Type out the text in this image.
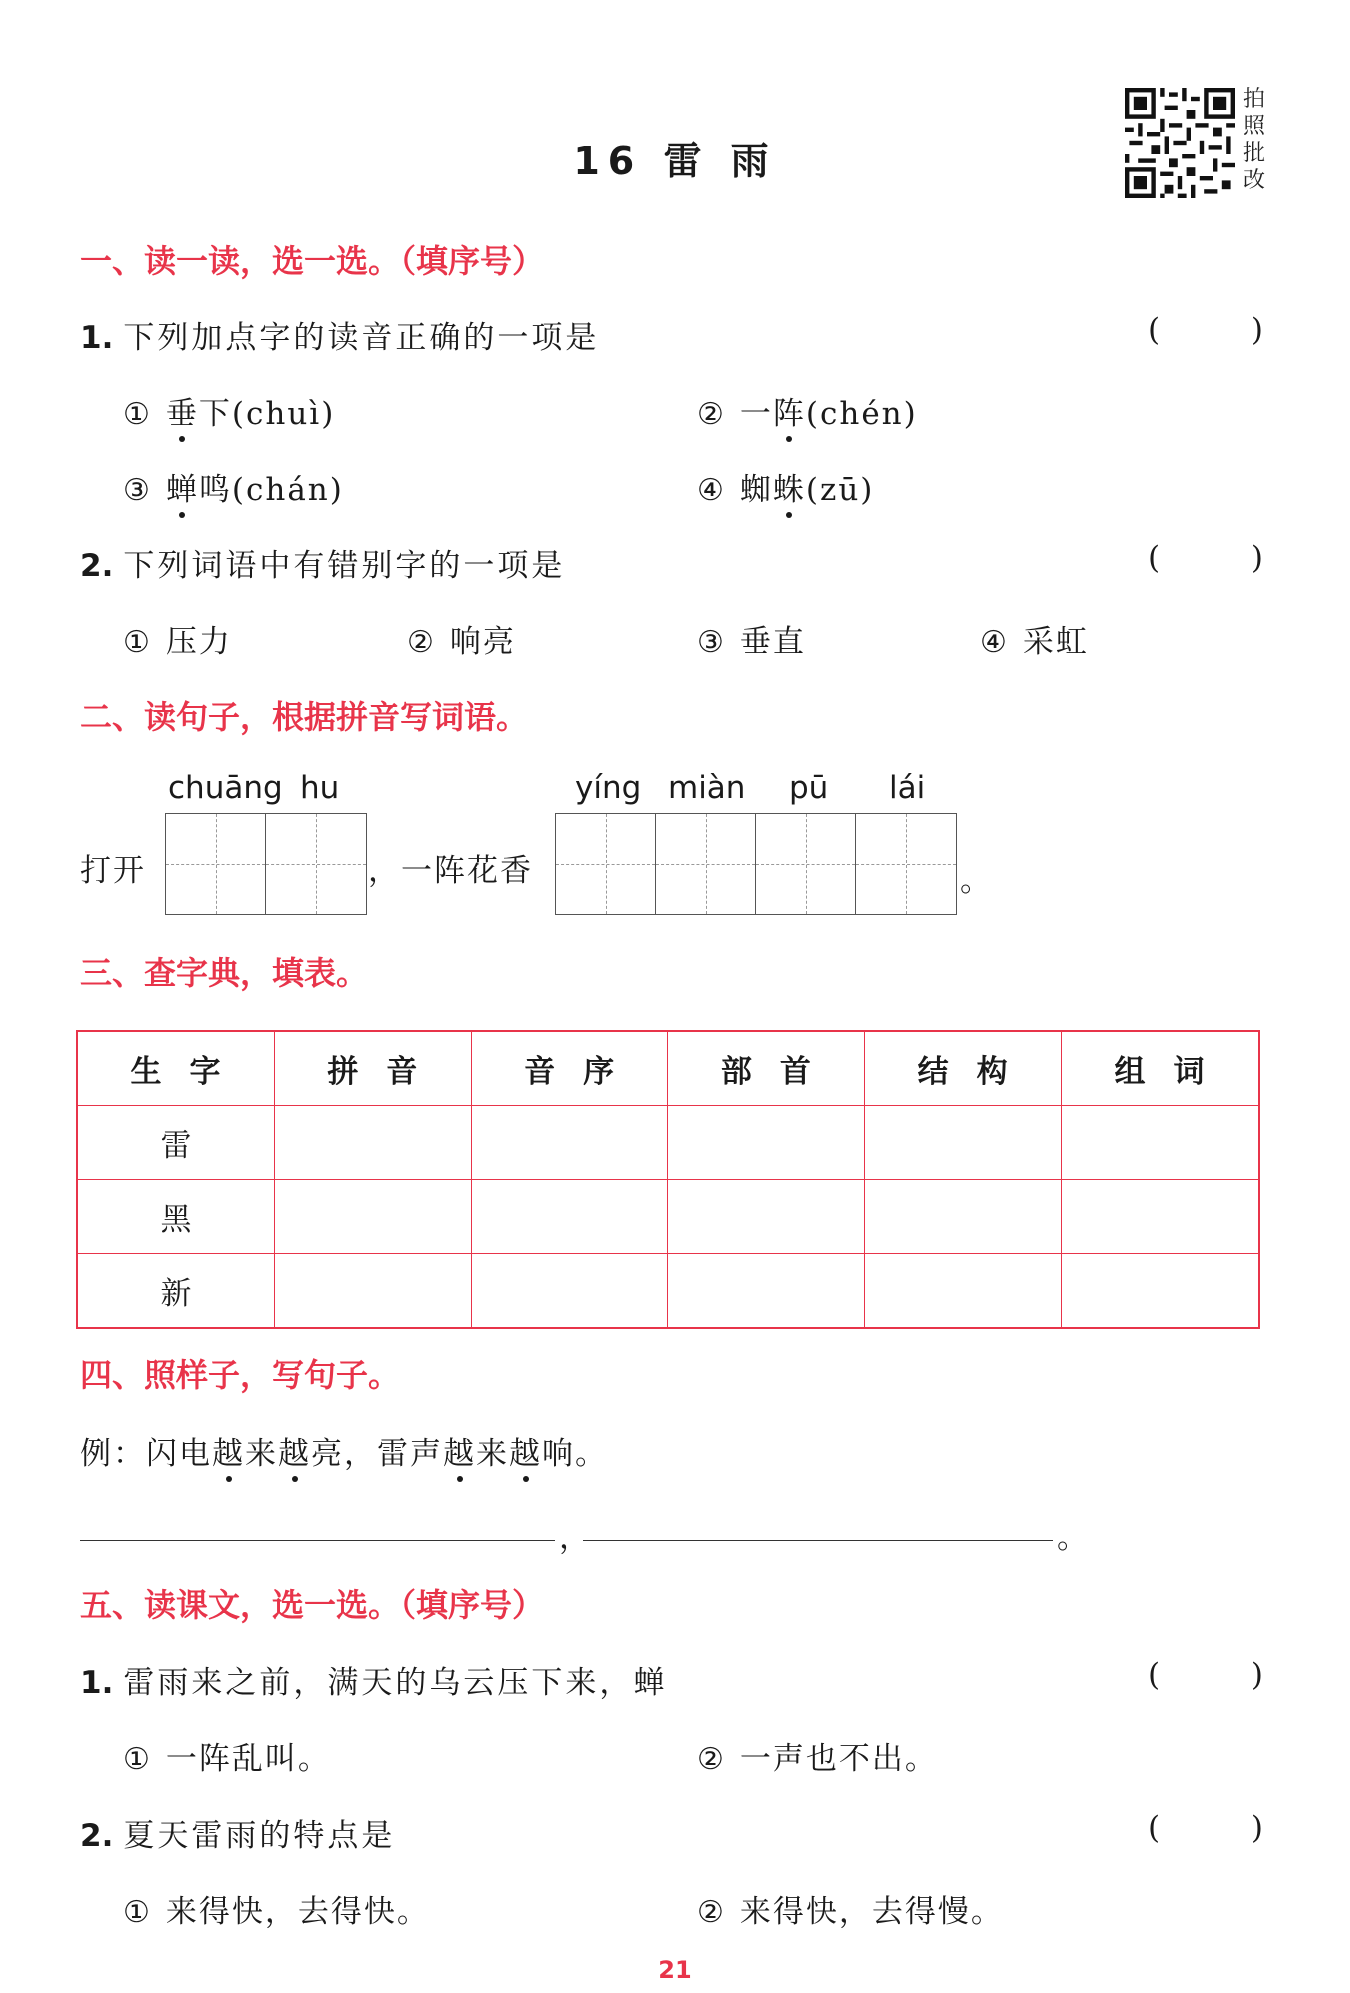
16 雷 雨
拍
照
批
改
一、读一读，选一选。（填序号）
1. 下列加点字的读音正确的一项是	(	)
① 垂下(chuì)	② 一阵(chén)
③ 蝉鸣(chán)	④ 蜘蛛(zū)
2. 下列词语中有错别字的一项是	(	)
① 压力	② 响亮	③ 垂直	④ 采虹
二、读句子，根据拼音写词语。
chuāng hu	yíng miàn pū lái
打开	，一阵花香	。
三、查字典，填表。
生字	拼音	音序	部首	结构	组词
雷					
黑					
新					
四、照样子，写句子。
例：闪电越来越亮，雷声越来越响。
，	。
五、读课文，选一选。（填序号）
1. 雷雨来之前，满天的乌云压下来，蝉	(	)
① 一阵乱叫。	② 一声也不出。
2. 夏天雷雨的特点是	(	)
① 来得快，去得快。	② 来得快，去得慢。
21
